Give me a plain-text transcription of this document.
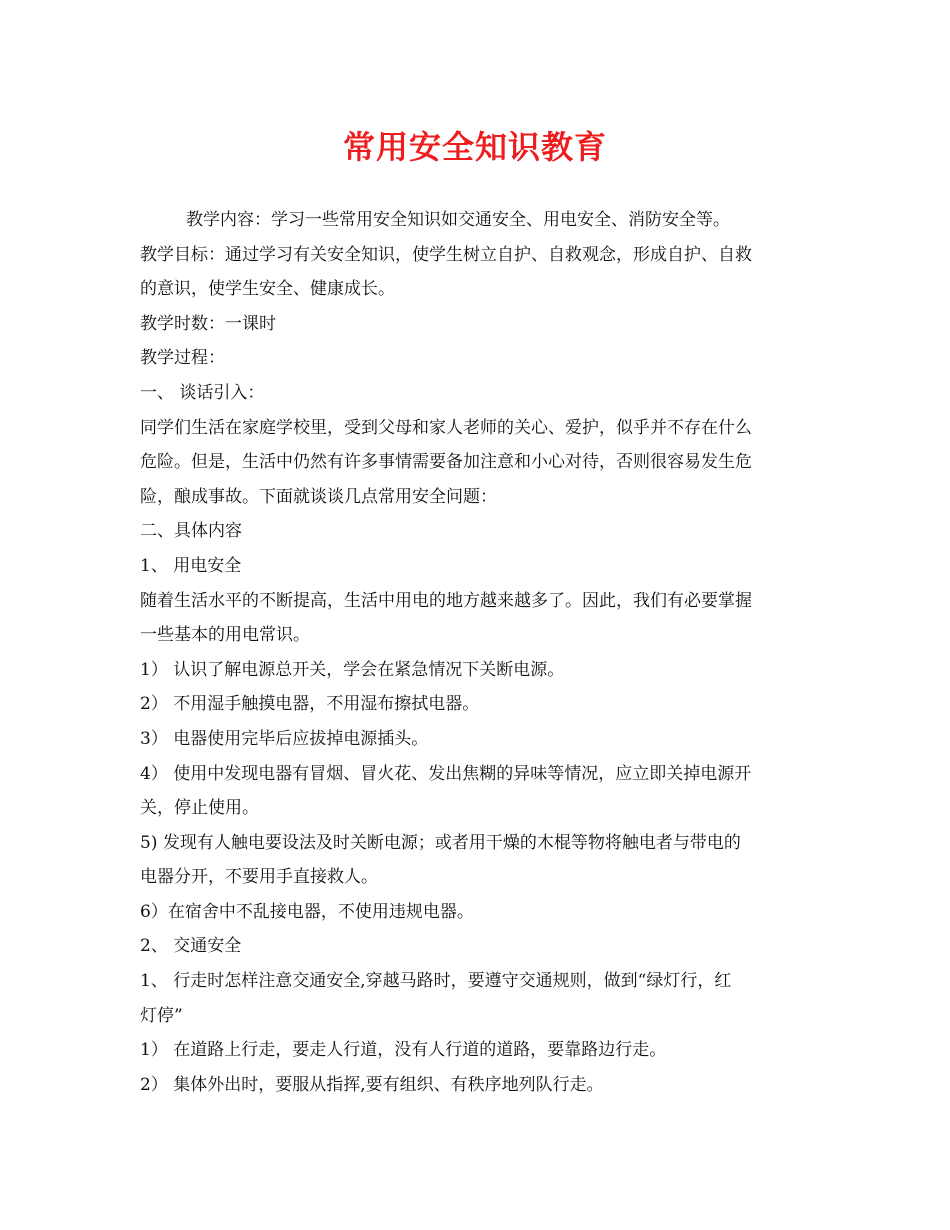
常用安全知识教育

教学内容：学习一些常用安全知识如交通安全、用电安全、消防安全等。

教学目标：通过学习有关安全知识，使学生树立自护、自救观念，形成自护、自救

的意识，使学生安全、健康成长。

教学时数：一课时

教学过程：

一、 谈话引入：

同学们生活在家庭学校里，受到父母和家人老师的关心、爱护，似乎并不存在什么

危险。但是，生活中仍然有许多事情需要备加注意和小心对待，否则很容易发生危

险，酿成事故。下面就谈谈几点常用安全问题：

二、具体内容

1、 用电安全

随着生活水平的不断提高，生活中用电的地方越来越多了。因此，我们有必要掌握

一些基本的用电常识。

1） 认识了解电源总开关，学会在紧急情况下关断电源。

2） 不用湿手触摸电器，不用湿布擦拭电器。

3） 电器使用完毕后应拔掉电源插头。

4） 使用中发现电器有冒烟、冒火花、发出焦糊的异味等情况，应立即关掉电源开

关，停止使用。

5) 发现有人触电要设法及时关断电源；或者用干燥的木棍等物将触电者与带电的

电器分开，不要用手直接救人。

6）在宿舍中不乱接电器，不使用违规电器。

2、 交通安全

1、 行走时怎样注意交通安全,穿越马路时，要遵守交通规则，做到“绿灯行，红

灯停”

1） 在道路上行走，要走人行道，没有人行道的道路，要靠路边行走。

2） 集体外出时，要服从指挥,要有组织、有秩序地列队行走。
